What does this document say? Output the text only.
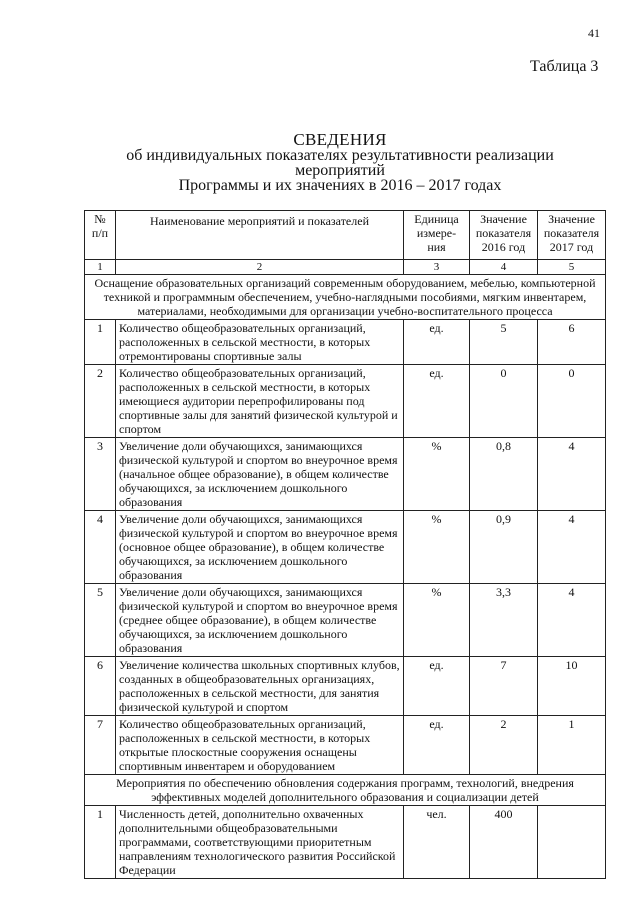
41
Таблица 3
СВЕДЕНИЯ
об индивидуальных показателях результативности реализации мероприятий
Программы и их значениях в 2016 – 2017 годах
№ п/п	Наименование мероприятий и показателей	Единица измере- ния	Значение показателя 2016 год	Значение показателя 2017 год
1	2	3	4	5
Оснащение образовательных организаций современным оборудованием, мебелью, компьютерной техникой и программным обеспечением, учебно-наглядными пособиями, мягким инвентарем, материалами, необходимыми для организации учебно-воспитательного процесса				
1	Количество общеобразовательных организаций, расположенных в сельской местности, в которых отремонтированы спортивные залы	ед.	5	6
2	Количество общеобразовательных организаций, расположенных в сельской местности, в которых имеющиеся аудитории перепрофилированы под спортивные залы для занятий физической культурой и спортом	ед.	0	0
3	Увеличение доли обучающихся, занимающихся физической культурой и спортом во внеурочное время (начальное общее образование), в общем количестве обучающихся, за исключением дошкольного образования	%	0,8	4
4	Увеличение доли обучающихся, занимающихся физической культурой и спортом во внеурочное время (основное общее образование), в общем количестве обучающихся, за исключением дошкольного образования	%	0,9	4
5	Увеличение доли обучающихся, занимающихся физической культурой и спортом во внеурочное время (среднее общее образование), в общем количестве обучающихся, за исключением дошкольного образования	%	3,3	4
6	Увеличение количества школьных спортивных клубов, созданных в общеобразовательных организациях, расположенных в сельской местности, для занятия физической культурой и спортом	ед.	7	10
7	Количество общеобразовательных организаций, расположенных в сельской местности, в которых открытые плоскостные сооружения оснащены спортивным инвентарем и оборудованием	ед.	2	1
Мероприятия по обеспечению обновления содержания программ, технологий, внедрения эффективных моделей дополнительного образования и социализации детей				
1	Численность детей, дополнительно охваченных дополнительными общеобразовательными программами, соответствующими приоритетным направлениям технологического развития Российской Федерации	чел.	400	
